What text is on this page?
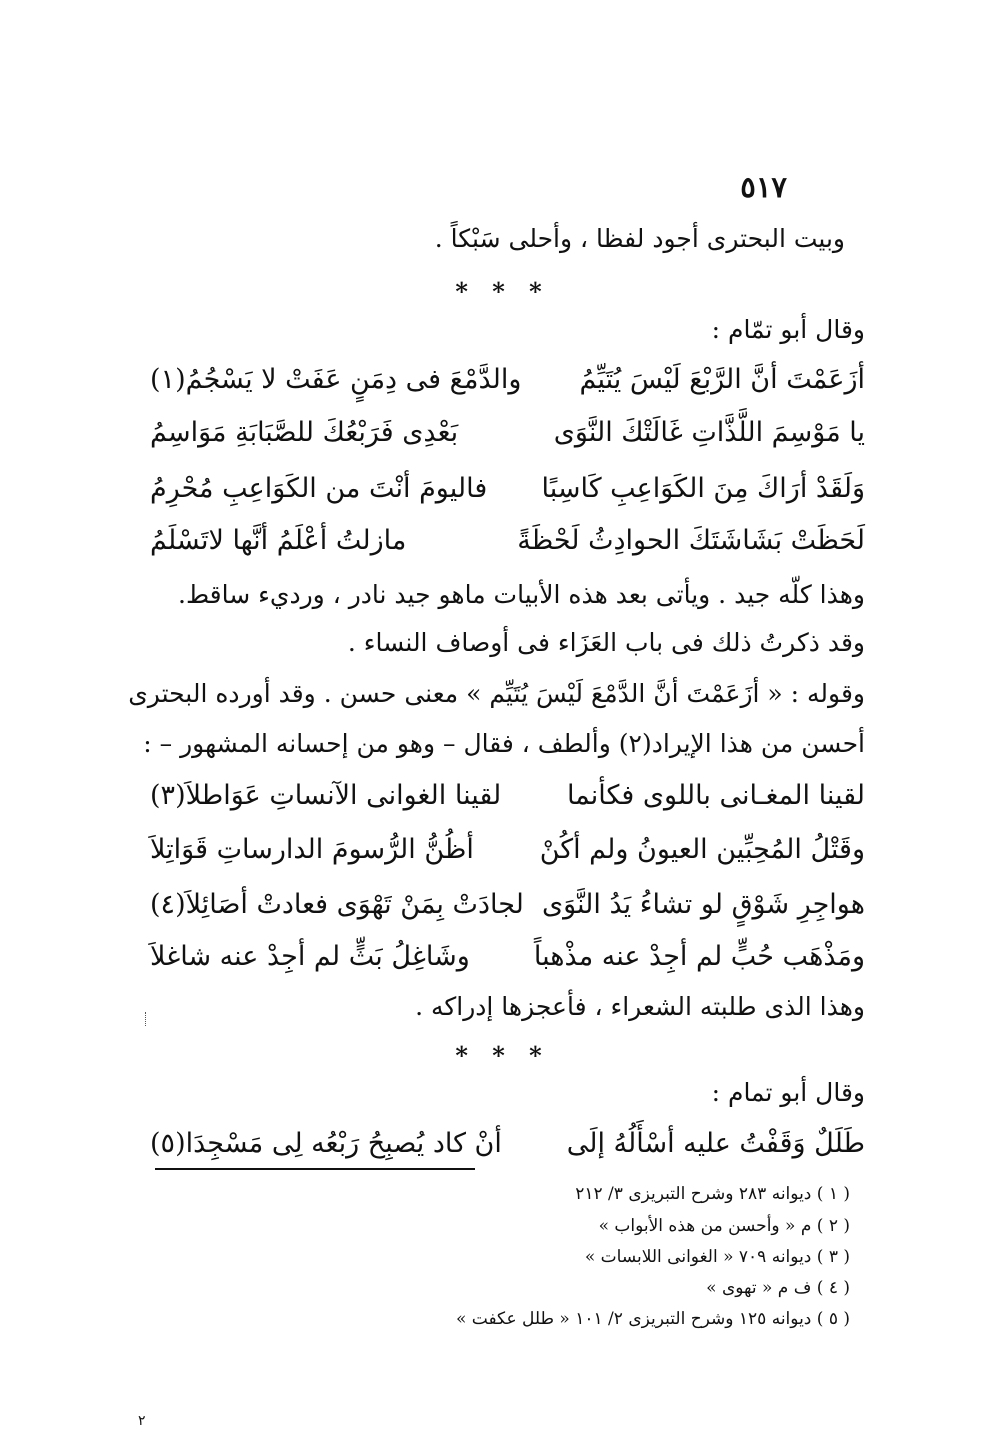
٥١٧
وبيت البحترى أجود لفظا ، وأحلى سَبْكاً .
* * *
وقال أبو تمّام :
أزَعَمْتَ أنَّ الرَّبْعَ لَيْسَ يُتَيِّمُ
والدَّمْعَ فى دِمَنٍ عَفَتْ لا يَسْجُمُ(١)
يا مَوْسِمَ اللَّذَّاتِ غَالَتْكَ النَّوَى
بَعْدِى فَرَبْعُكَ للصَّبَابَةِ مَوَاسِمُ
وَلَقَدْ أرَاكَ مِنَ الكَوَاعِبِ كَاسِبًا
فاليومَ أنْتَ من الكَوَاعِبِ مُحْرِمُ
لَحَظَتْ بَشَاشَتَكَ الحوادِثُ لَحْظَةً
مازلتُ أعْلَمُ أنَّها لاتَسْلَمُ
وهذا كلّه جيد . ويأتى بعد هذه الأبيات ماهو جيد نادر ، ورديء ساقط.
وقد ذكرتُ ذلك فى باب العَزَاء فى أوصاف النساء .
وقوله : « أزَعَمْتَ أنَّ الدَّمْعَ لَيْسَ يُتَيِّم » معنى حسن . وقد أورده البحترى
أحسن من هذا الإيراد(٢) وألطف ، فقال – وهو من إحسانه المشهور – :
لقينا المغـانى باللوى فكأنما
لقينا الغوانى الآنساتِ عَوَاطلاَ(٣)
وقَتْلُ المُحِبِّين العيونُ ولم أكُنْ
أظُنُّ الرُّسومَ الدارساتِ قَوَاتِلاَ
هواجِرِ شَوْقٍ لو تشاءُ يَدُ النَّوَى
لجادَتْ بِمَنْ تَهْوَى فعادتْ أصَائِلاَ(٤)
ومَذْهَب حُبٍّ لم أجِدْ عنه مذْهباً
وشَاغِلُ بَثٍّ لم أجِدْ عنه شاغلاَ
وهذا الذى طلبته الشعراء ، فأعجزها إدراكه .
* * *
وقال أبو تمام :
طَلَلٌ وَقَفْتُ عليه أسْأَلُهُ إلَى
أنْ كاد يُصبِحُ رَبْعُه لِى مَسْجِدَا(٥)
( ١ ) ديوانه ٢٨٣ وشرح التبريزى ٣/ ٢١٢
( ٢ ) م « وأحسن من هذه الأبواب »
( ٣ ) ديوانه ٧٠٩ « الغوانى اللابسات »
( ٤ ) ف م « تهوى »
( ٥ ) ديوانه ١٢٥ وشرح التبريزى ٢/ ١٠١ « طلل عكفت »
٢
